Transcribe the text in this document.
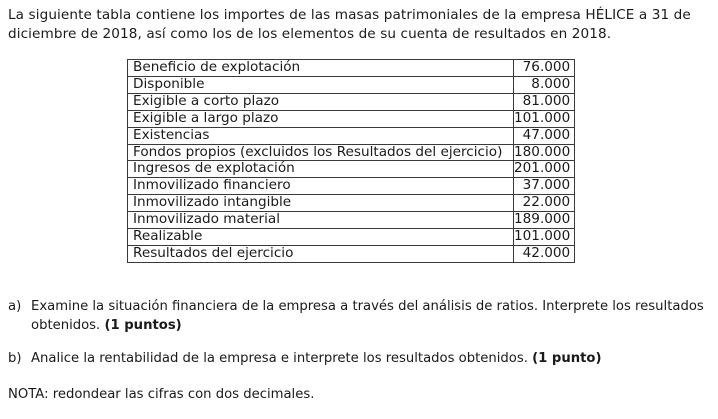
La siguiente tabla contiene los importes de las masas patrimoniales de la empresa HÉLICE a 31 de diciembre de 2018, así como los de los elementos de su cuenta de resultados en 2018.
Beneficio de explotación	76.000
Disponible	8.000
Exigible a corto plazo	81.000
Exigible a largo plazo	101.000
Existencias	47.000
Fondos propios (excluidos los Resultados del ejercicio)	180.000
Ingresos de explotación	201.000
Inmovilizado financiero	37.000
Inmovilizado intangible	22.000
Inmovilizado material	189.000
Realizable	101.000
Resultados del ejercicio	42.000
a) Examine la situación financiera de la empresa a través del análisis de ratios. Interprete los resultados obtenidos. (1 puntos)
b) Analice la rentabilidad de la empresa e interprete los resultados obtenidos. (1 punto)
NOTA: redondear las cifras con dos decimales.
